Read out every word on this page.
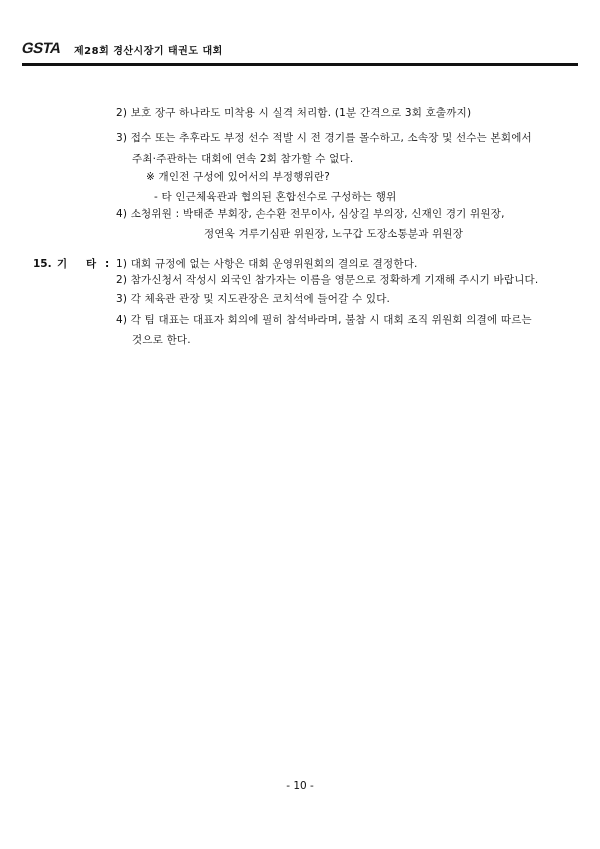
GSTA 제28회 경산시장기 태권도 대회
2) 보호 장구 하나라도 미착용 시 실격 처리함. (1분 간격으로 3회 호출까지)
3) 접수 또는 추후라도 부정 선수 적발 시 전 경기를 몰수하고, 소속장 및 선수는 본회에서
주최·주관하는 대회에 연속 2회 참가할 수 없다.
※ 개인전 구성에 있어서의 부정행위란?
- 타 인근체육관과 협의된 혼합선수로 구성하는 행위
4) 소청위원 : 박태준 부회장, 손수환 전무이사, 심상길 부의장, 신재인 경기 위원장,
정연욱 겨루기심판 위원장, 노구갑 도장소통분과 위원장
15. 기 타 : 1) 대회 규정에 없는 사항은 대회 운영위원회의 결의로 결정한다.
2) 참가신청서 작성시 외국인 참가자는 이름을 영문으로 정확하게 기재해 주시기 바랍니다.
3) 각 체육관 관장 및 지도관장은 코치석에 들어갈 수 있다.
4) 각 팀 대표는 대표자 회의에 필히 참석바라며, 불참 시 대회 조직 위원회 의결에 따르는
것으로 한다.
- 10 -
